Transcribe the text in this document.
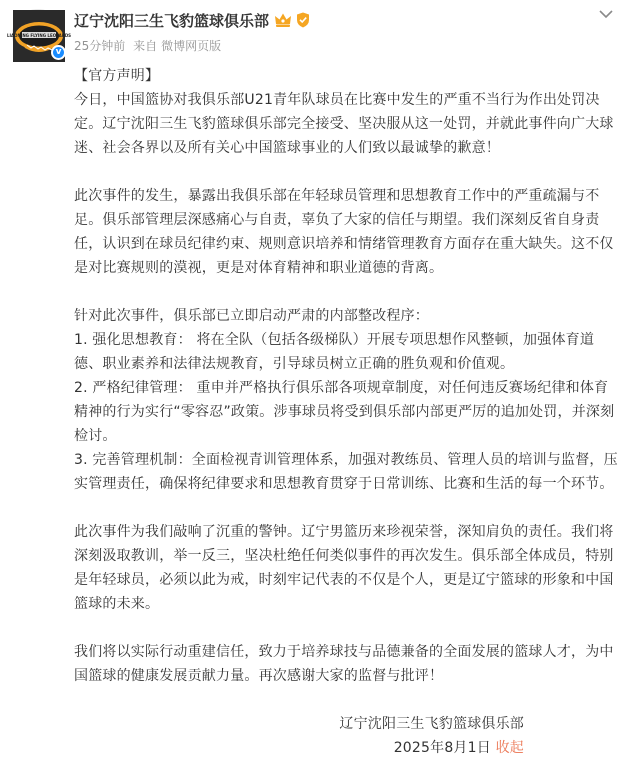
LIAONING FLYING LEOPARDS
v
辽宁沈阳三生飞豹篮球俱乐部
25分钟前 来自 微博网页版

【官方声明】

今日，中国篮协对我俱乐部U21青年队球员在比赛中发生的严重不当行为作出处罚决定。辽宁沈阳三生飞豹篮球俱乐部完全接受、坚决服从这一处罚，并就此事件向广大球迷、社会各界以及所有关心中国篮球事业的人们致以最诚挚的歉意！

此次事件的发生，暴露出我俱乐部在年轻球员管理和思想教育工作中的严重疏漏与不足。俱乐部管理层深感痛心与自责，辜负了大家的信任与期望。我们深刻反省自身责任，认识到在球员纪律约束、规则意识培养和情绪管理教育方面存在重大缺失。这不仅是对比赛规则的漠视，更是对体育精神和职业道德的背离。

针对此次事件，俱乐部已立即启动严肃的内部整改程序：

1. 强化思想教育： 将在全队（包括各级梯队）开展专项思想作风整顿，加强体育道德、职业素养和法律法规教育，引导球员树立正确的胜负观和价值观。

2. 严格纪律管理： 重申并严格执行俱乐部各项规章制度，对任何违反赛场纪律和体育精神的行为实行“零容忍”政策。涉事球员将受到俱乐部内部更严厉的追加处罚，并深刻检讨。

3. 完善管理机制：全面检视青训管理体系，加强对教练员、管理人员的培训与监督，压实管理责任，确保将纪律要求和思想教育贯穿于日常训练、比赛和生活的每一个环节。

此次事件为我们敲响了沉重的警钟。辽宁男篮历来珍视荣誉，深知肩负的责任。我们将深刻汲取教训，举一反三，坚决杜绝任何类似事件的再次发生。俱乐部全体成员，特别是年轻球员，必须以此为戒，时刻牢记代表的不仅是个人，更是辽宁篮球的形象和中国篮球的未来。

我们将以实际行动重建信任，致力于培养球技与品德兼备的全面发展的篮球人才，为中国篮球的健康发展贡献力量。再次感谢大家的监督与批评！

辽宁沈阳三生飞豹篮球俱乐部

2025年8月1日 收起
